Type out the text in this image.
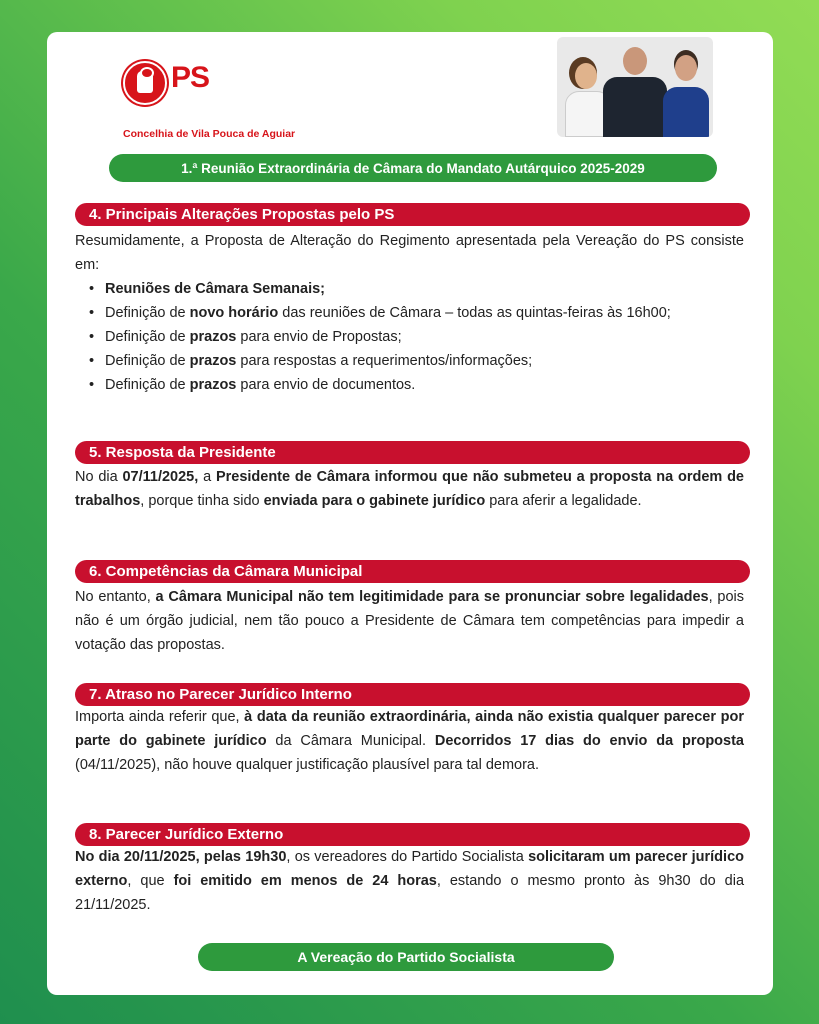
PS
Concelhia de Vila Pouca de Aguiar
1.ª Reunião Extraordinária de Câmara do Mandato Autárquico 2025-2029
4. Principais Alterações Propostas pelo PS
Resumidamente, a Proposta de Alteração do Regimento apresentada pela Vereação do PS consiste em:
• Reuniões de Câmara Semanais;
• Definição de novo horário das reuniões de Câmara – todas as quintas-feiras às 16h00;
• Definição de prazos para envio de Propostas;
• Definição de prazos para respostas a requerimentos/informações;
• Definição de prazos para envio de documentos.
5. Resposta da Presidente
No dia 07/11/2025, a Presidente de Câmara informou que não submeteu a proposta na ordem de trabalhos, porque tinha sido enviada para o gabinete jurídico para aferir a legalidade.
6. Competências da Câmara Municipal
No entanto, a Câmara Municipal não tem legitimidade para se pronunciar sobre legalidades, pois não é um órgão judicial, nem tão pouco a Presidente de Câmara tem competências para impedir a votação das propostas.
7. Atraso no Parecer Jurídico Interno
Importa ainda referir que, à data da reunião extraordinária, ainda não existia qualquer parecer por parte do gabinete jurídico da Câmara Municipal. Decorridos 17 dias do envio da proposta (04/11/2025), não houve qualquer justificação plausível para tal demora.
8. Parecer Jurídico Externo
No dia 20/11/2025, pelas 19h30, os vereadores do Partido Socialista solicitaram um parecer jurídico externo, que foi emitido em menos de 24 horas, estando o mesmo pronto às 9h30 do dia 21/11/2025.
A Vereação do Partido Socialista
